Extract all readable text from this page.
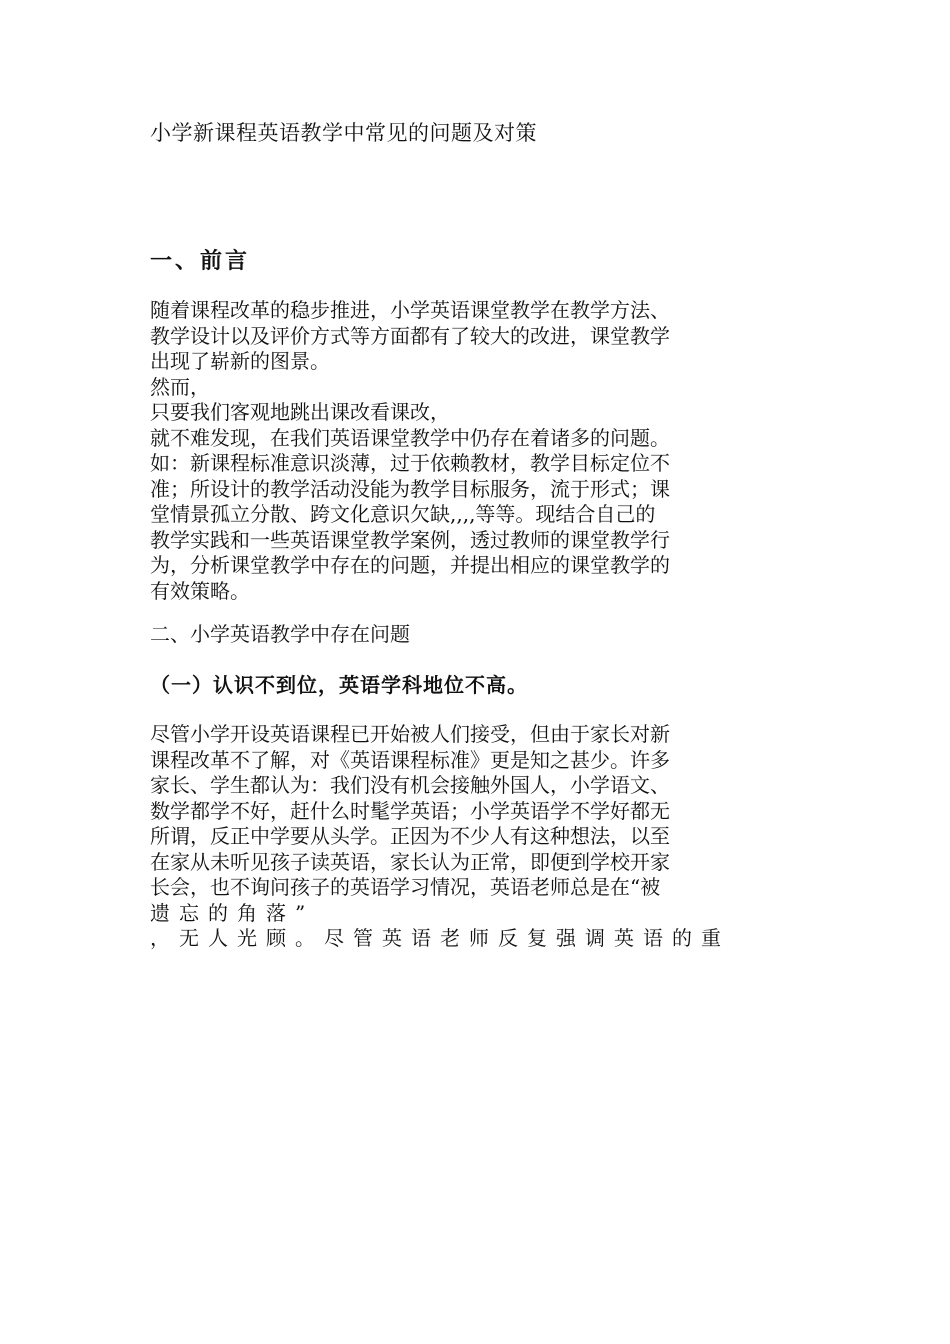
小学新课程英语教学中常见的问题及对策
一、前言
随着课程改革的稳步推进，小学英语课堂教学在教学方法、
教学设计以及评价方式等方面都有了较大的改进，课堂教学
出现了崭新的图景。
然而，
只要我们客观地跳出课改看课改，
就不难发现，在我们英语课堂教学中仍存在着诸多的问题。
如：新课程标准意识淡薄，过于依赖教材，教学目标定位不
准；所设计的教学活动没能为教学目标服务，流于形式；课
堂情景孤立分散、跨文化意识欠缺,,,,等等。现结合自己的
教学实践和一些英语课堂教学案例，透过教师的课堂教学行
为，分析课堂教学中存在的问题，并提出相应的课堂教学的
有效策略。
二、小学英语教学中存在问题
（一）认识不到位，英语学科地位不高。
尽管小学开设英语课程已开始被人们接受，但由于家长对新
课程改革不了解，对《英语课程标准》更是知之甚少。许多
家长、学生都认为：我们没有机会接触外国人，小学语文、
数学都学不好，赶什么时髦学英语；小学英语学不学好都无
所谓，反正中学要从头学。正因为不少人有这种想法，以至
在家从未听见孩子读英语，家长认为正常，即便到学校开家
长会，也不询问孩子的英语学习情况，英语老师总是在“被
遗忘的角落”
，无人光顾。尽管英语老师反复强调英语的重
